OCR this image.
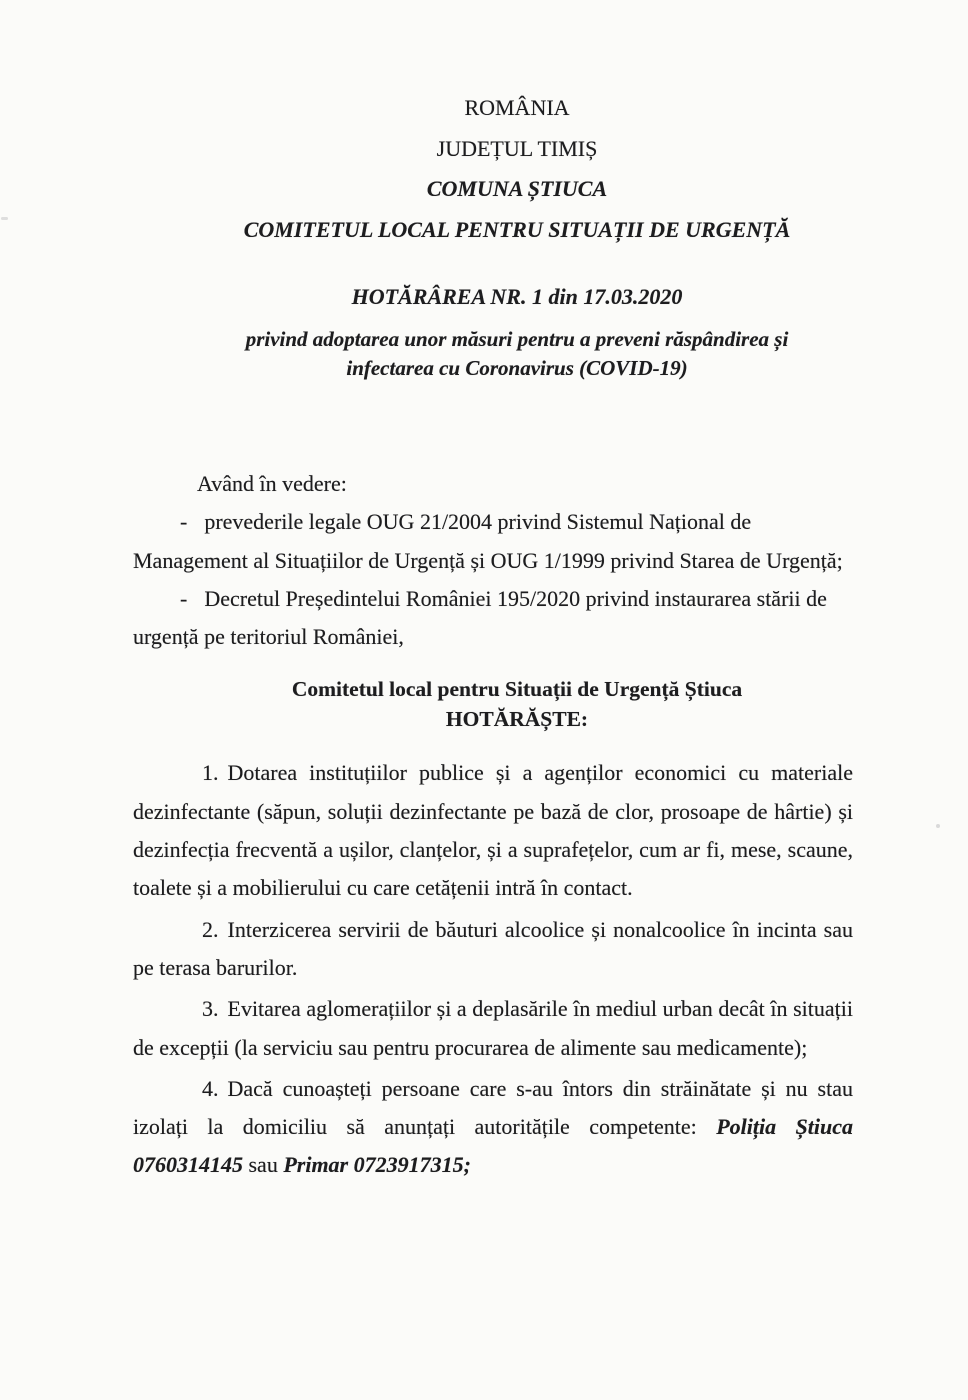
ROMÂNIA
JUDEȚUL TIMIȘ
COMUNA ȘTIUCA
COMITETUL LOCAL PENTRU SITUAȚII DE URGENȚĂ
HOTĂRÂREA NR. 1 din 17.03.2020
privind adoptarea unor măsuri pentru a preveni răspândirea și
infectarea cu Coronavirus (COVID-19)

Având în vedere:

- prevederile legale OUG 21/2004 privind Sistemul Național de Management al Situațiilor de Urgență și OUG 1/1999 privind Starea de Urgență;

- Decretul Președintelui României 195/2020 privind instaurarea stării de urgență pe teritoriul României,

Comitetul local pentru Situații de Urgență Știuca
HOTĂRĂȘTE:

1. Dotarea instituțiilor publice și a agenților economici cu materiale dezinfectante (săpun, soluții dezinfectante pe bază de clor, prosoape de hârtie) și dezinfecția frecventă a ușilor, clanțelor, și a suprafețelor, cum ar fi, mese, scaune, toalete și a mobilierului cu care cetățenii intră în contact.

2. Interzicerea servirii de băuturi alcoolice și nonalcoolice în incinta sau pe terasa barurilor.

3. Evitarea aglomerațiilor și a deplasările în mediul urban decât în situații de excepții (la serviciu sau pentru procurarea de alimente sau medicamente);

4. Dacă cunoașteți persoane care s-au întors din străinătate și nu stau izolați la domiciliu să anunțați autoritățile competente: Poliția Știuca 0760314145 sau Primar 0723917315;
